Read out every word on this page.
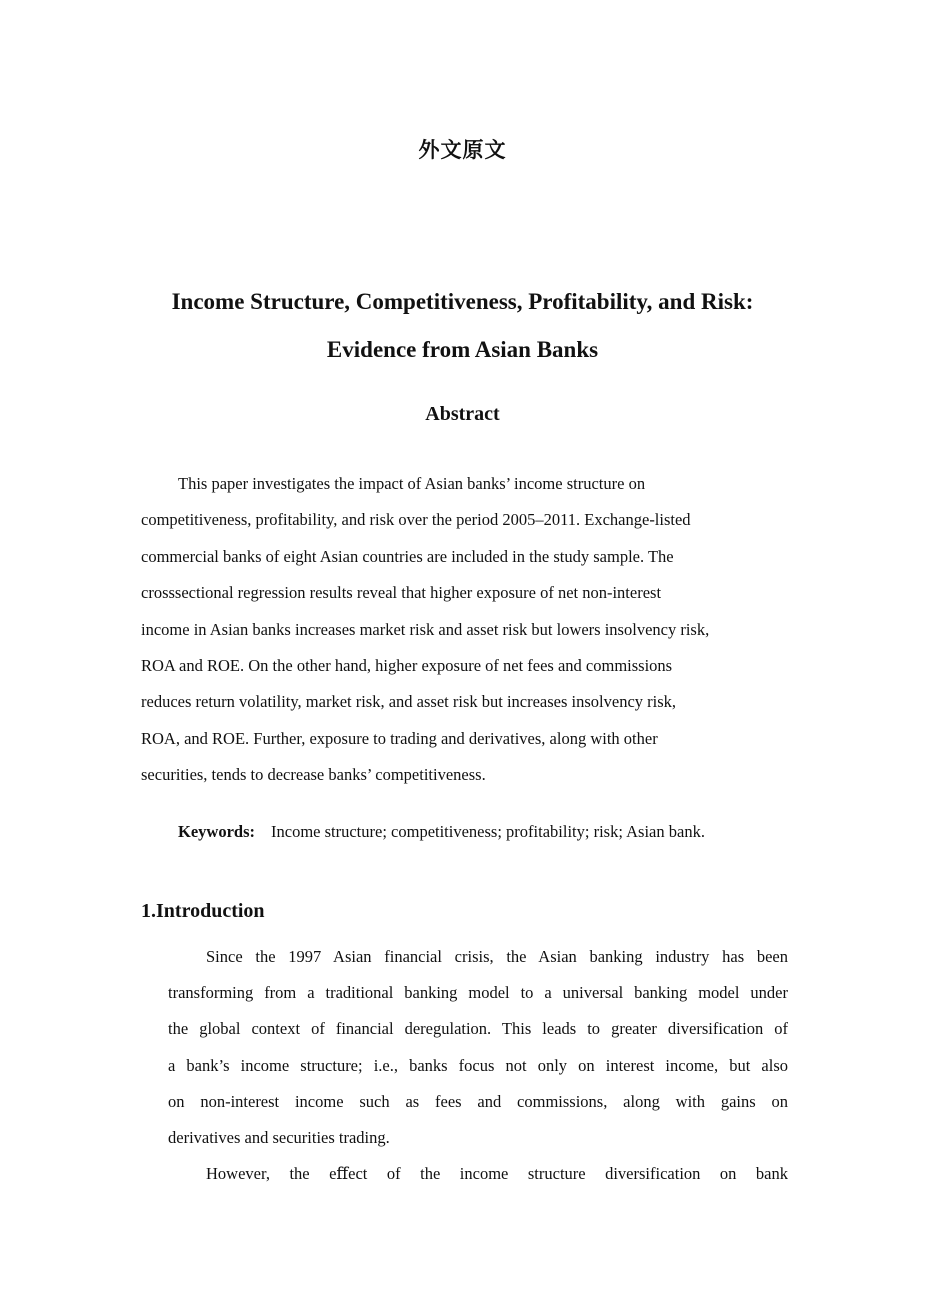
外文原文
Income Structure, Competitiveness, Profitability, and Risk:
Evidence from Asian Banks
Abstract
This paper investigates the impact of Asian banks’ income structure on
competitiveness, profitability, and risk over the period 2005–2011. Exchange-listed
commercial banks of eight Asian countries are included in the study sample. The
crosssectional regression results reveal that higher exposure of net non-interest
income in Asian banks increases market risk and asset risk but lowers insolvency risk,
ROA and ROE. On the other hand, higher exposure of net fees and commissions
reduces return volatility, market risk, and asset risk but increases insolvency risk,
ROA, and ROE. Further, exposure to trading and derivatives, along with other
securities, tends to decrease banks’ competitiveness.
Keywords: Income structure; competitiveness; profitability; risk; Asian bank.
1.Introduction
Since the 1997 Asian financial crisis, the Asian banking industry has been
transforming from a traditional banking model to a universal banking model under
the global context of financial deregulation. This leads to greater diversification of
a bank’s income structure; i.e., banks focus not only on interest income, but also
on non-interest income such as fees and commissions, along with gains on
derivatives and securities trading.
However, the eﬀect of the income structure diversification on bank
